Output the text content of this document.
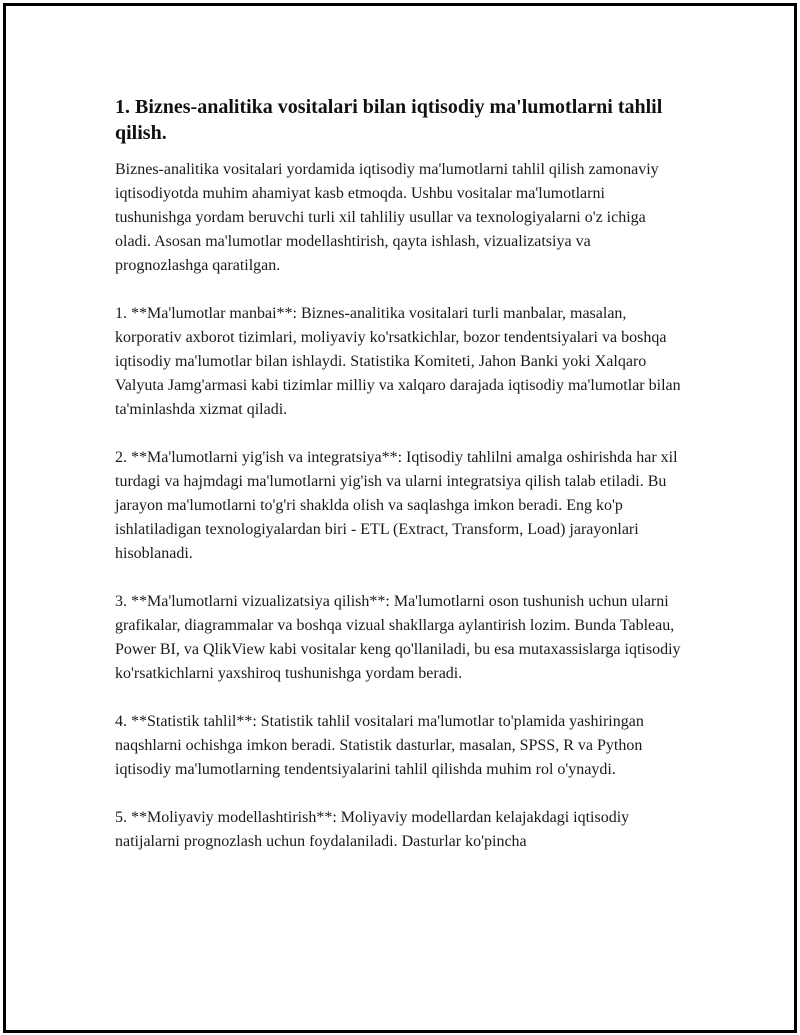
1. Biznes-analitika vositalari bilan iqtisodiy ma'lumotlarni tahlil qilish.

Biznes-analitika vositalari yordamida iqtisodiy ma'lumotlarni tahlil qilish zamonaviy iqtisodiyotda muhim ahamiyat kasb etmoqda. Ushbu vositalar ma'lumotlarni tushunishga yordam beruvchi turli xil tahliliy usullar va texnologiyalarni o'z ichiga oladi. Asosan ma'lumotlar modellashtirish, qayta ishlash, vizualizatsiya va prognozlashga qaratilgan.

1. **Ma'lumotlar manbai**: Biznes-analitika vositalari turli manbalar, masalan, korporativ axborot tizimlari, moliyaviy ko'rsatkichlar, bozor tendentsiyalari va boshqa iqtisodiy ma'lumotlar bilan ishlaydi. Statistika Komiteti, Jahon Banki yoki Xalqaro Valyuta Jamg'armasi kabi tizimlar milliy va xalqaro darajada iqtisodiy ma'lumotlar bilan ta'minlashda xizmat qiladi.

2. **Ma'lumotlarni yig'ish va integratsiya**: Iqtisodiy tahlilni amalga oshirishda har xil turdagi va hajmdagi ma'lumotlarni yig'ish va ularni integratsiya qilish talab etiladi. Bu jarayon ma'lumotlarni to'g'ri shaklda olish va saqlashga imkon beradi. Eng ko'p ishlatiladigan texnologiyalardan biri - ETL (Extract, Transform, Load) jarayonlari hisoblanadi.

3. **Ma'lumotlarni vizualizatsiya qilish**: Ma'lumotlarni oson tushunish uchun ularni grafikalar, diagrammalar va boshqa vizual shakllarga aylantirish lozim. Bunda Tableau, Power BI, va QlikView kabi vositalar keng qo'llaniladi, bu esa mutaxassislarga iqtisodiy ko'rsatkichlarni yaxshiroq tushunishga yordam beradi.

4. **Statistik tahlil**: Statistik tahlil vositalari ma'lumotlar to'plamida yashiringan naqshlarni ochishga imkon beradi. Statistik dasturlar, masalan, SPSS, R va Python iqtisodiy ma'lumotlarning tendentsiyalarini tahlil qilishda muhim rol o'ynaydi.

5. **Moliyaviy modellashtirish**: Moliyaviy modellardan kelajakdagi iqtisodiy natijalarni prognozlash uchun foydalaniladi. Dasturlar ko'pincha
